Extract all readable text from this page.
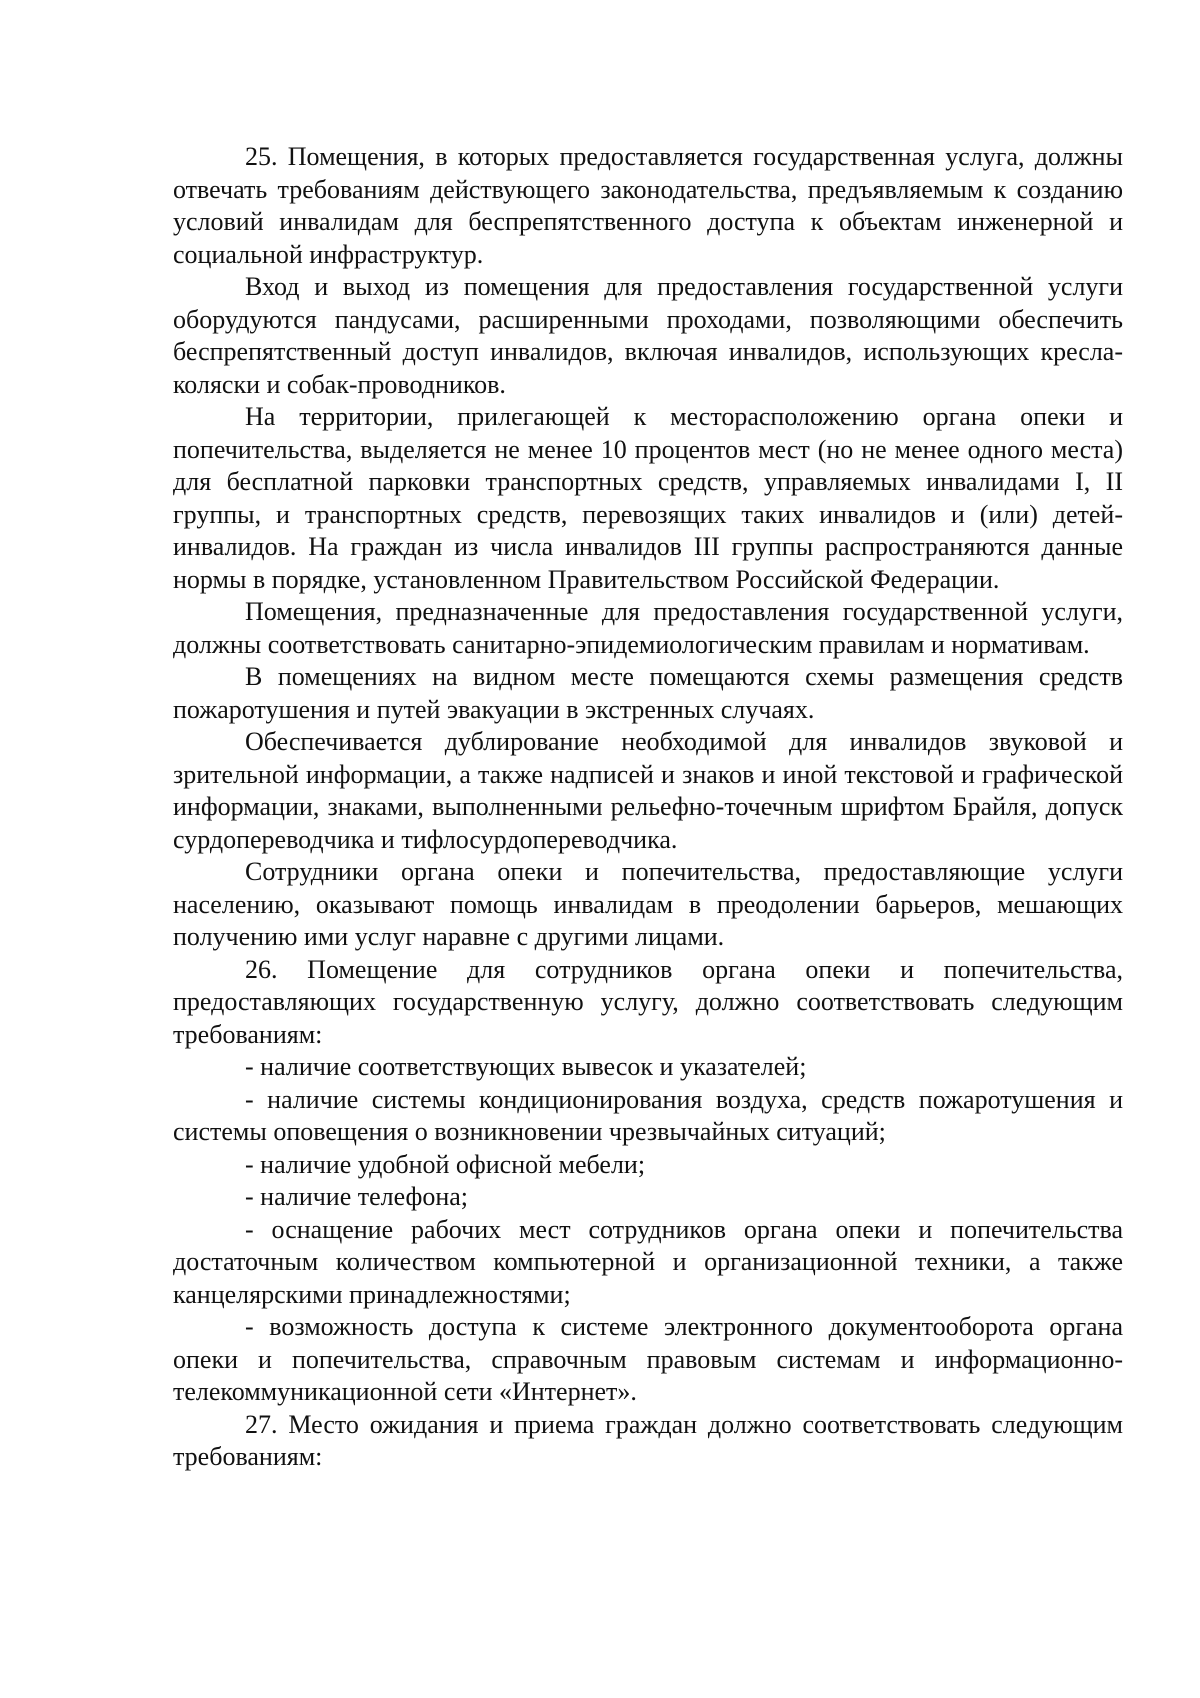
25. Помещения, в которых предоставляется государственная услуга, должны отвечать требованиям действующего законодательства, предъявляемым к созданию условий инвалидам для беспрепятственного доступа к объектам инженерной и социальной инфраструктур.

Вход и выход из помещения для предоставления государственной услуги оборудуются пандусами, расширенными проходами, позволяющими обеспечить беспрепятственный доступ инвалидов, включая инвалидов, использующих кресла-коляски и собак-проводников.

На территории, прилегающей к месторасположению органа опеки и попечительства, выделяется не менее 10 процентов мест (но не менее одного места) для бесплатной парковки транспортных средств, управляемых инвалидами I, II группы, и транспортных средств, перевозящих таких инвалидов и (или) детей-инвалидов. На граждан из числа инвалидов III группы распространяются данные нормы в порядке, установленном Правительством Российской Федерации.

Помещения, предназначенные для предоставления государственной услуги, должны соответствовать санитарно-эпидемиологическим правилам и нормативам.

В помещениях на видном месте помещаются схемы размещения средств пожаротушения и путей эвакуации в экстренных случаях.

Обеспечивается дублирование необходимой для инвалидов звуковой и зрительной информации, а также надписей и знаков и иной текстовой и графической информации, знаками, выполненными рельефно-точечным шрифтом Брайля, допуск сурдопереводчика и тифлосурдопереводчика.

Сотрудники органа опеки и попечительства, предоставляющие услуги населению, оказывают помощь инвалидам в преодолении барьеров, мешающих получению ими услуг наравне с другими лицами.

26. Помещение для сотрудников органа опеки и попечительства, предоставляющих государственную услугу, должно соответствовать следующим требованиям:

- наличие соответствующих вывесок и указателей;

- наличие системы кондиционирования воздуха, средств пожаротушения и системы оповещения о возникновении чрезвычайных ситуаций;

- наличие удобной офисной мебели;

- наличие телефона;

- оснащение рабочих мест сотрудников органа опеки и попечительства достаточным количеством компьютерной и организационной техники, а также канцелярскими принадлежностями;

- возможность доступа к системе электронного документооборота органа опеки и попечительства, справочным правовым системам и информационно-телекоммуникационной сети «Интернет».

27. Место ожидания и приема граждан должно соответствовать следующим требованиям:
